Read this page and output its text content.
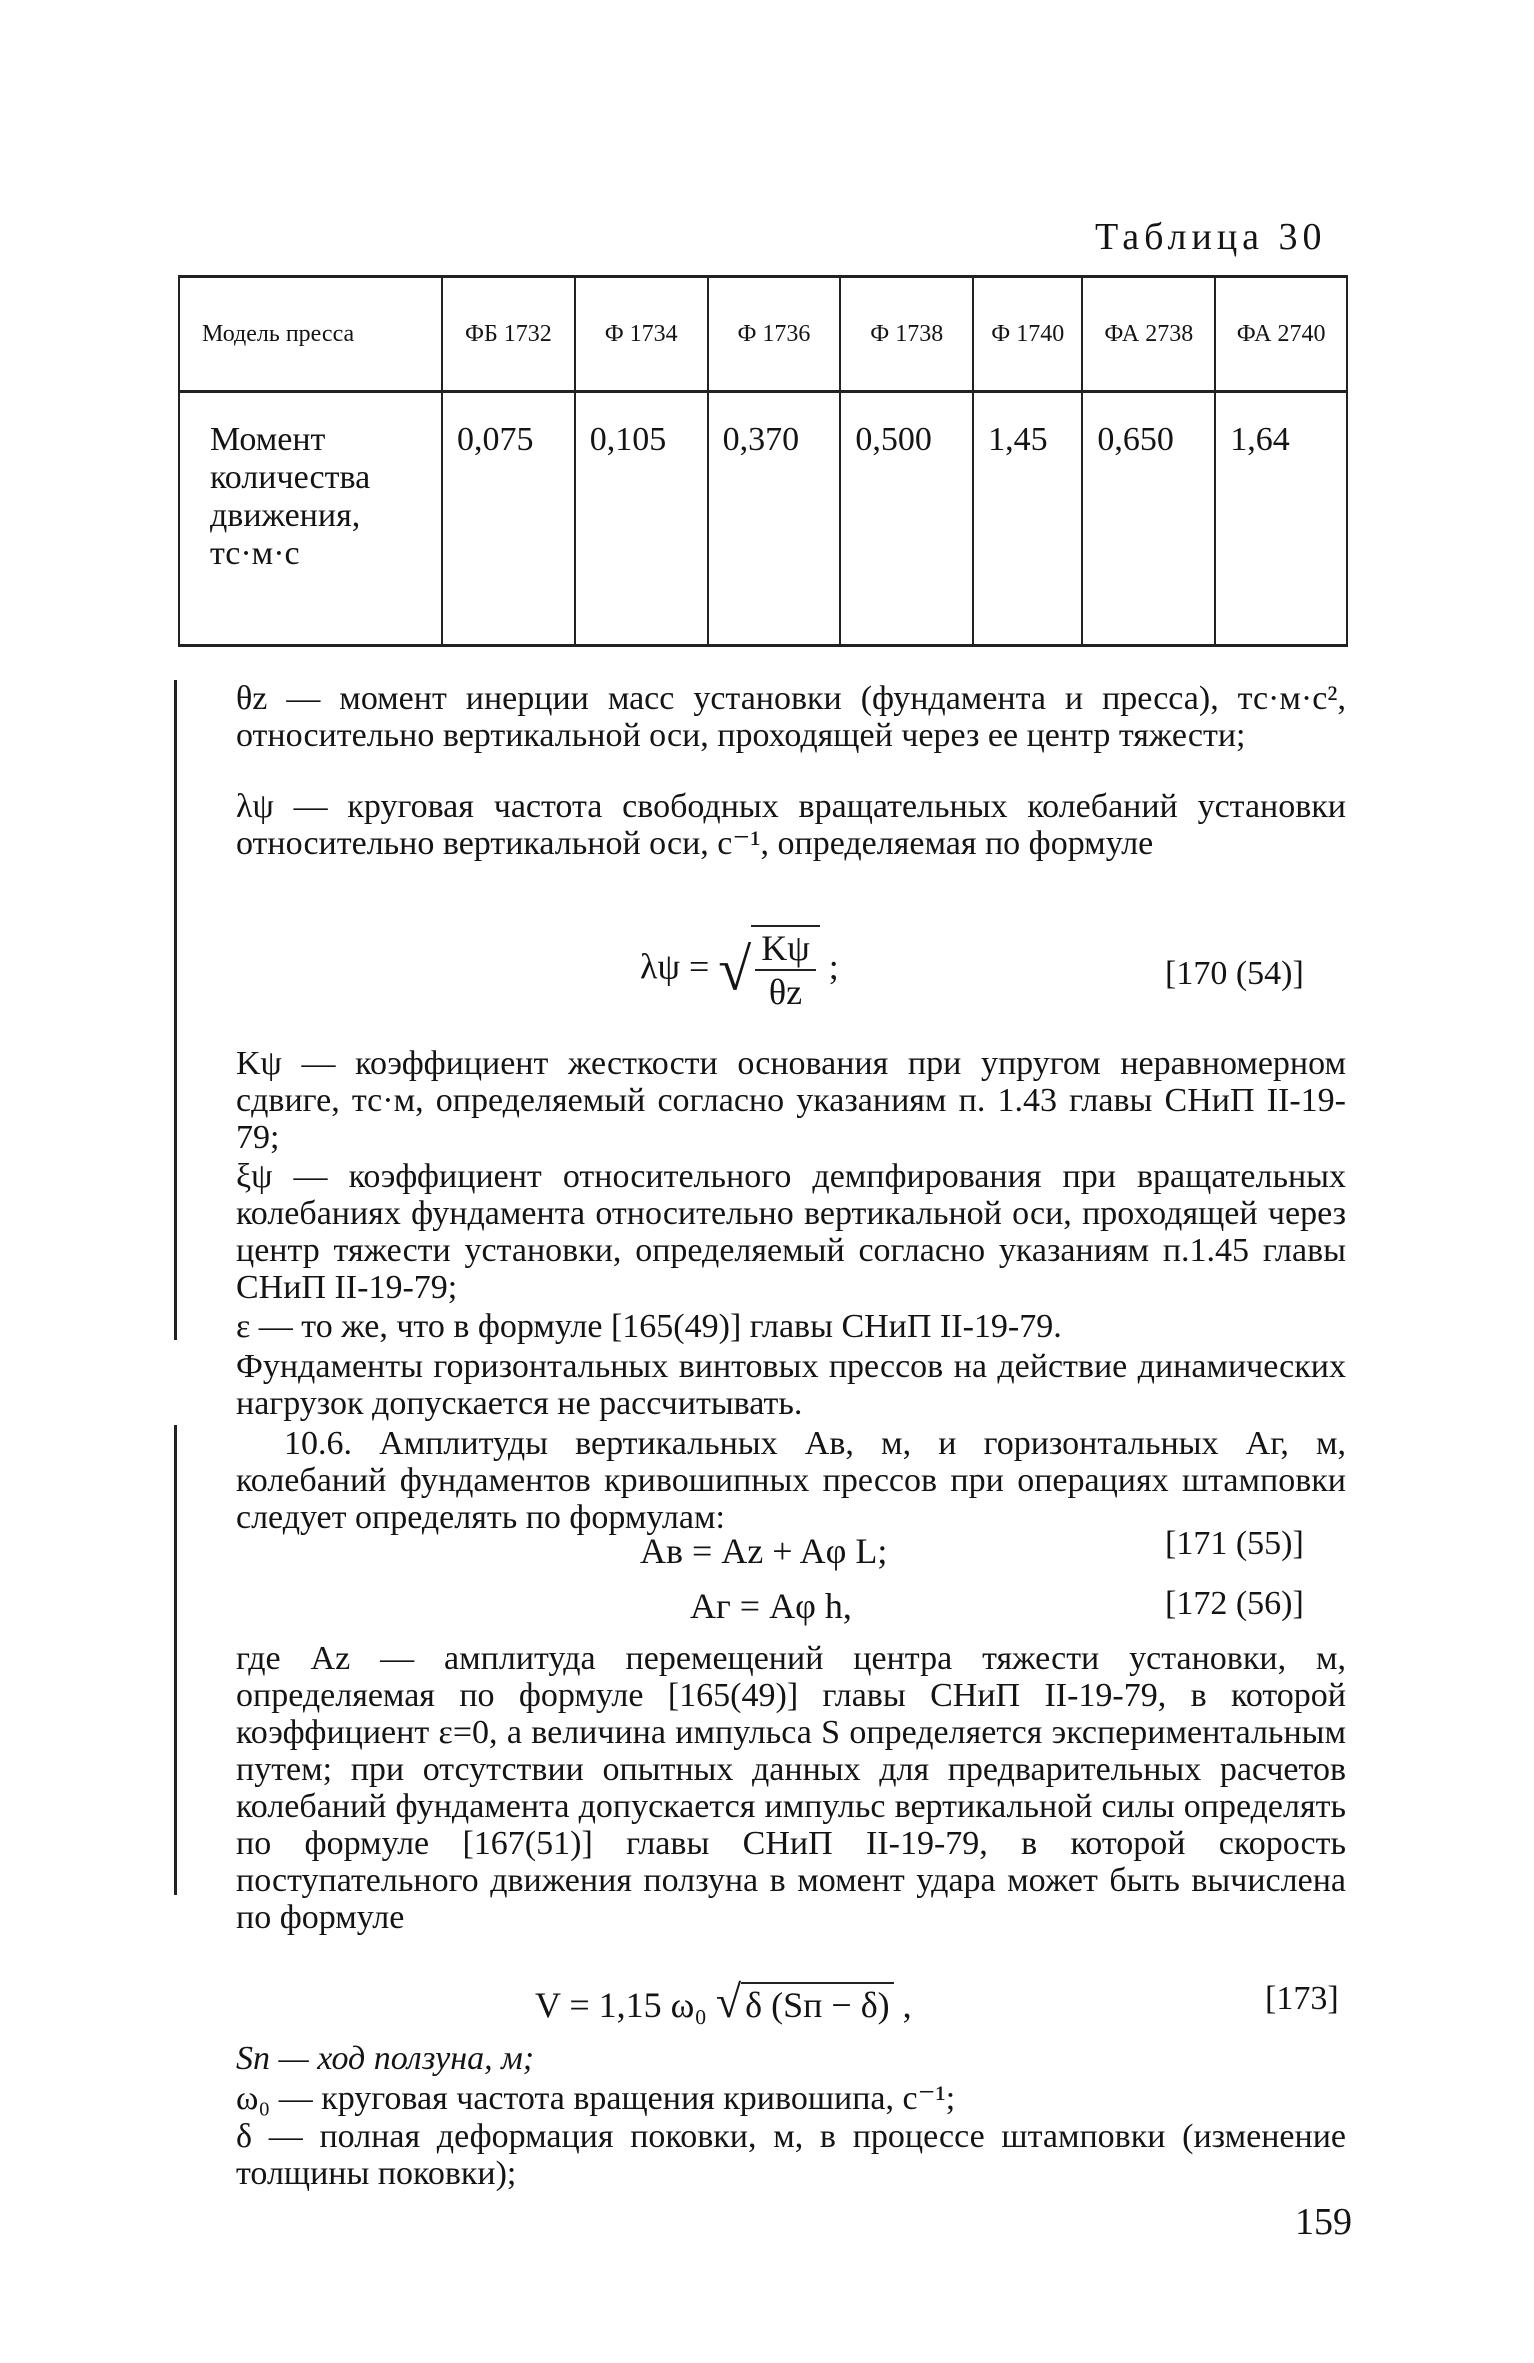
Таблица 30
Модель пресса	ФБ 1732	Ф 1734	Ф 1736	Ф 1738	Ф 1740	ФА 2738	ФА 2740
Момент количества движения, тс·м·с	0,075	0,105	0,370	0,500	1,45	0,650	1,64
θz — момент инерции масс установки (фундамента и пресса), тс·м·с², относительно вертикальной оси, проходящей через ее центр тяжести;
λψ — круговая частота свободных вращательных колебаний установки относительно вертикальной оси, с⁻¹, определяемая по формуле
λψ = √ $\frac{K\psi}{\theta z}$ ;	[170 (54)]
Kψ — коэффициент жесткости основания при упругом неравномерном сдвиге, тс·м, определяемый согласно указаниям п. 1.43 главы СНиП II-19-79;
ξψ — коэффициент относительного демпфирования при вращательных колебаниях фундамента относительно вертикальной оси, проходящей через центр тяжести установки, определяемый согласно указаниям п.1.45 главы СНиП II-19-79;
ε — то же, что в формуле [165(49)] главы СНиП II-19-79.
Фундаменты горизонтальных винтовых прессов на действие динамических нагрузок допускается не рассчитывать.
10.6. Амплитуды вертикальных Aв, м, и горизонтальных Aг, м, колебаний фундаментов кривошипных прессов при операциях штамповки следует определять по формулам:
Aв = Az + Aφ L;	[171 (55)]
Aг = Aφ h,	[172 (56)]
где Az — амплитуда перемещений центра тяжести установки, м, определяемая по формуле [165(49)] главы СНиП II-19-79, в которой коэффициент ε=0, а величина импульса S определяется экспериментальным путем; при отсутствии опытных данных для предварительных расчетов колебаний фундамента допускается импульс вертикальной силы определять по формуле [167(51)] главы СНиП II-19-79, в которой скорость поступательного движения ползуна в момент удара может быть вычислена по формуле
V = 1,15 ω₀ √ δ (Sп − δ) ,	[173]
Sп — ход ползуна, м;
ω₀ — круговая частота вращения кривошипа, с⁻¹;
δ — полная деформация поковки, м, в процессе штамповки (изменение толщины поковки);
159
